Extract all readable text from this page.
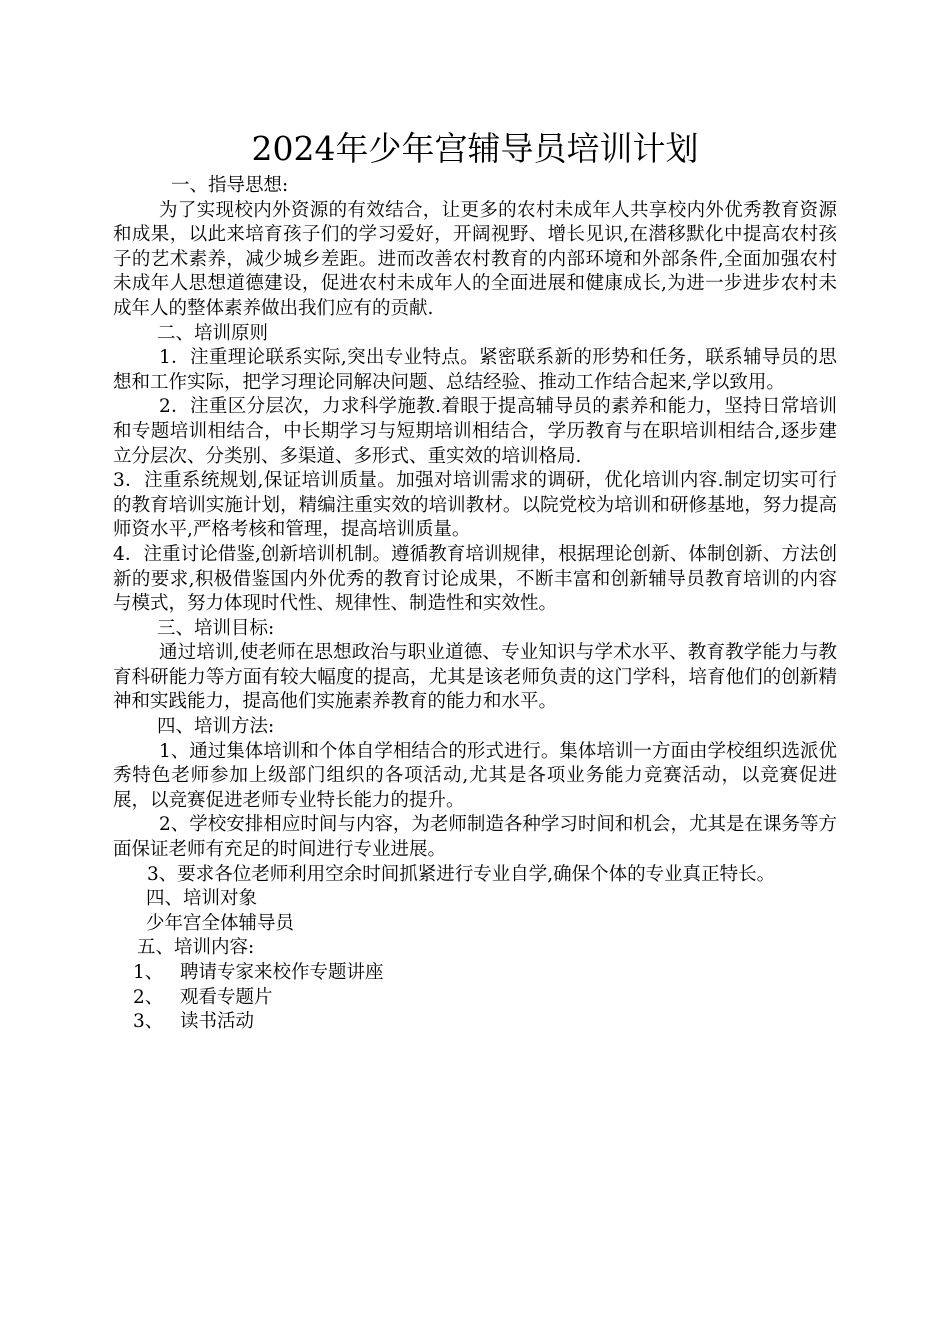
2024年少年宫辅导员培训计划

一、指导思想:

为了实现校内外资源的有效结合，让更多的农村未成年人共享校内外优秀教育资源和成果，以此来培育孩子们的学习爱好，开阔视野、增长见识,在潜移默化中提高农村孩子的艺术素养，减少城乡差距。进而改善农村教育的内部环境和外部条件,全面加强农村未成年人思想道德建设，促进农村未成年人的全面进展和健康成长,为进一步进步农村未成年人的整体素养做出我们应有的贡献.

二、培训原则

1．注重理论联系实际,突出专业特点。紧密联系新的形势和任务，联系辅导员的思想和工作实际，把学习理论同解决问题、总结经验、推动工作结合起来,学以致用。

2．注重区分层次，力求科学施教.着眼于提高辅导员的素养和能力，坚持日常培训和专题培训相结合，中长期学习与短期培训相结合，学历教育与在职培训相结合,逐步建立分层次、分类别、多渠道、多形式、重实效的培训格局.

3．注重系统规划,保证培训质量。加强对培训需求的调研，优化培训内容.制定切实可行的教育培训实施计划，精编注重实效的培训教材。以院党校为培训和研修基地，努力提高师资水平,严格考核和管理，提高培训质量。

4．注重讨论借鉴,创新培训机制。遵循教育培训规律，根据理论创新、体制创新、方法创新的要求,积极借鉴国内外优秀的教育讨论成果，不断丰富和创新辅导员教育培训的内容与模式，努力体现时代性、规律性、制造性和实效性。

三、培训目标:

通过培训,使老师在思想政治与职业道德、专业知识与学术水平、教育教学能力与教育科研能力等方面有较大幅度的提高，尤其是该老师负责的这门学科，培育他们的创新精神和实践能力，提高他们实施素养教育的能力和水平。

四、培训方法:

1、通过集体培训和个体自学相结合的形式进行。集体培训一方面由学校组织选派优秀特色老师参加上级部门组织的各项活动,尤其是各项业务能力竞赛活动，以竞赛促进展，以竞赛促进老师专业特长能力的提升。

2、学校安排相应时间与内容，为老师制造各种学习时间和机会，尤其是在课务等方面保证老师有充足的时间进行专业进展。

3、要求各位老师利用空余时间抓紧进行专业自学,确保个体的专业真正特长。

四、培训对象

少年宫全体辅导员

五、培训内容:

1、 聘请专家来校作专题讲座

2、 观看专题片

3、 读书活动
